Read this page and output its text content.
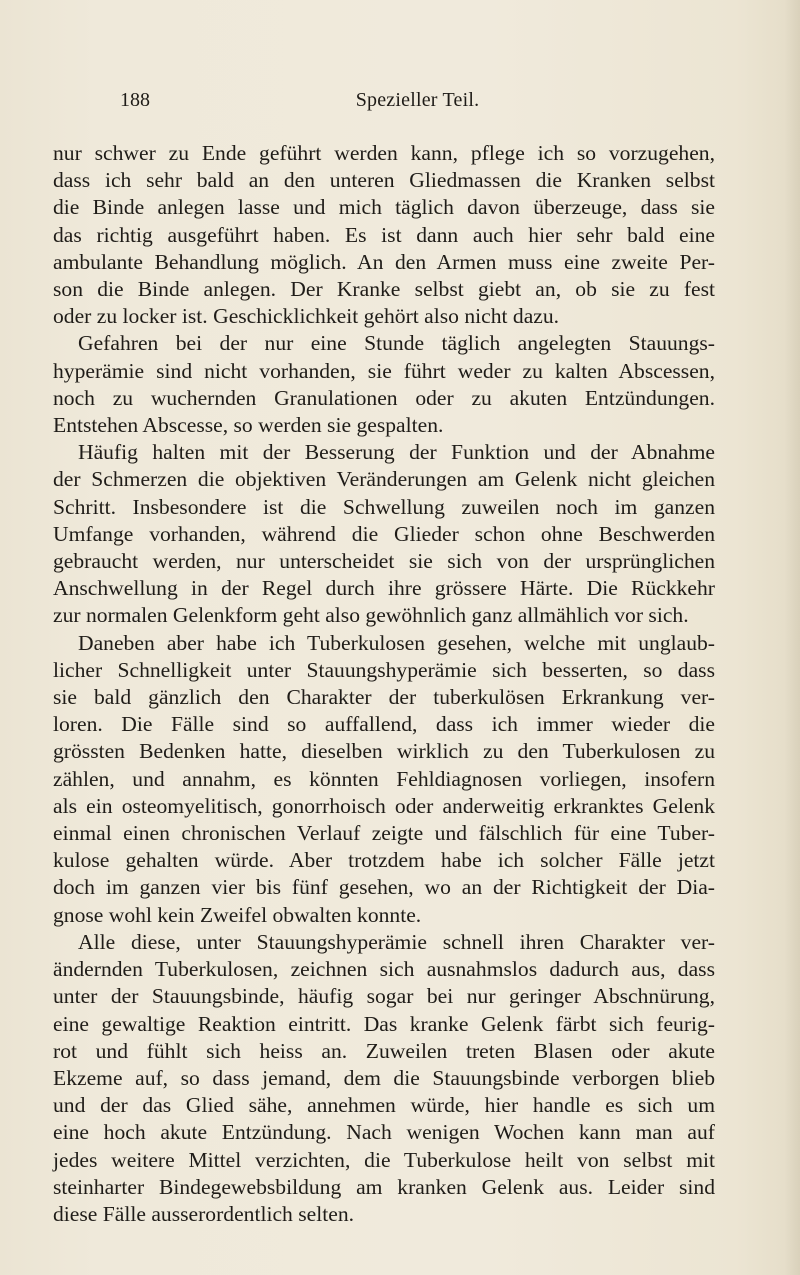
188	Spezieller Teil.
nur schwer zu Ende geführt werden kann, pflege ich so vorzugehen,
dass ich sehr bald an den unteren Gliedmassen die Kranken selbst
die Binde anlegen lasse und mich täglich davon überzeuge, dass sie
das richtig ausgeführt haben. Es ist dann auch hier sehr bald eine
ambulante Behandlung möglich. An den Armen muss eine zweite Per-
son die Binde anlegen. Der Kranke selbst giebt an, ob sie zu fest
oder zu locker ist. Geschicklichkeit gehört also nicht dazu.
Gefahren bei der nur eine Stunde täglich angelegten Stauungs-
hyperämie sind nicht vorhanden, sie führt weder zu kalten Abscessen,
noch zu wuchernden Granulationen oder zu akuten Entzündungen.
Entstehen Abscesse, so werden sie gespalten.
Häufig halten mit der Besserung der Funktion und der Abnahme
der Schmerzen die objektiven Veränderungen am Gelenk nicht gleichen
Schritt. Insbesondere ist die Schwellung zuweilen noch im ganzen
Umfange vorhanden, während die Glieder schon ohne Beschwerden
gebraucht werden, nur unterscheidet sie sich von der ursprünglichen
Anschwellung in der Regel durch ihre grössere Härte. Die Rückkehr
zur normalen Gelenkform geht also gewöhnlich ganz allmählich vor sich.
Daneben aber habe ich Tuberkulosen gesehen, welche mit unglaub-
licher Schnelligkeit unter Stauungshyperämie sich besserten, so dass
sie bald gänzlich den Charakter der tuberkulösen Erkrankung ver-
loren. Die Fälle sind so auffallend, dass ich immer wieder die
grössten Bedenken hatte, dieselben wirklich zu den Tuberkulosen zu
zählen, und annahm, es könnten Fehldiagnosen vorliegen, insofern
als ein osteomyelitisch, gonorrhoisch oder anderweitig erkranktes Gelenk
einmal einen chronischen Verlauf zeigte und fälschlich für eine Tuber-
kulose gehalten würde. Aber trotzdem habe ich solcher Fälle jetzt
doch im ganzen vier bis fünf gesehen, wo an der Richtigkeit der Dia-
gnose wohl kein Zweifel obwalten konnte.
Alle diese, unter Stauungshyperämie schnell ihren Charakter ver-
ändernden Tuberkulosen, zeichnen sich ausnahmslos dadurch aus, dass
unter der Stauungsbinde, häufig sogar bei nur geringer Abschnürung,
eine gewaltige Reaktion eintritt. Das kranke Gelenk färbt sich feurig-
rot und fühlt sich heiss an. Zuweilen treten Blasen oder akute
Ekzeme auf, so dass jemand, dem die Stauungsbinde verborgen blieb
und der das Glied sähe, annehmen würde, hier handle es sich um
eine hoch akute Entzündung. Nach wenigen Wochen kann man auf
jedes weitere Mittel verzichten, die Tuberkulose heilt von selbst mit
steinharter Bindegewebsbildung am kranken Gelenk aus. Leider sind
diese Fälle ausserordentlich selten.
